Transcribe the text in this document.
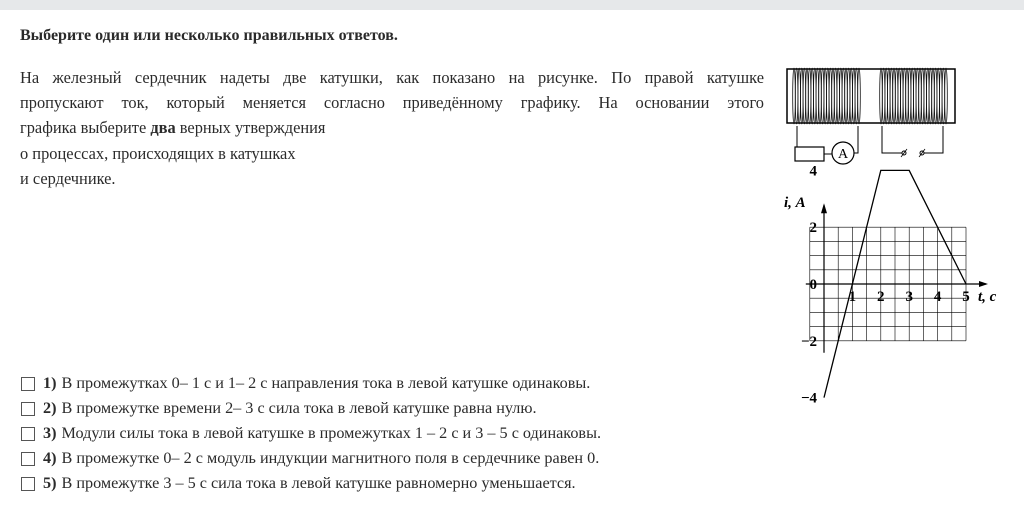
Выберите один или несколько правильных ответов.
На железный сердечник надеты две катушки, как показано на рисунке. По правой катушке
пропускают ток, который меняется согласно приведённому графику. На основании этого
графика выберите два верных утверждения
о процессах, происходящих в катушках
и сердечнике.
A
1 2 3 4 5
4
2
0
−2
−4
i, А
t, с
1) В промежутках 0– 1 с и 1– 2 с направления тока в левой катушке одинаковы.
2) В промежутке времени 2– 3 с сила тока в левой катушке равна нулю.
3) Модули силы тока в левой катушке в промежутках 1 – 2 с и 3 – 5 с одинаковы.
4) В промежутке 0– 2 с модуль индукции магнитного поля в сердечнике равен 0.
5) В промежутке 3 – 5 с сила тока в левой катушке равномерно уменьшается.
